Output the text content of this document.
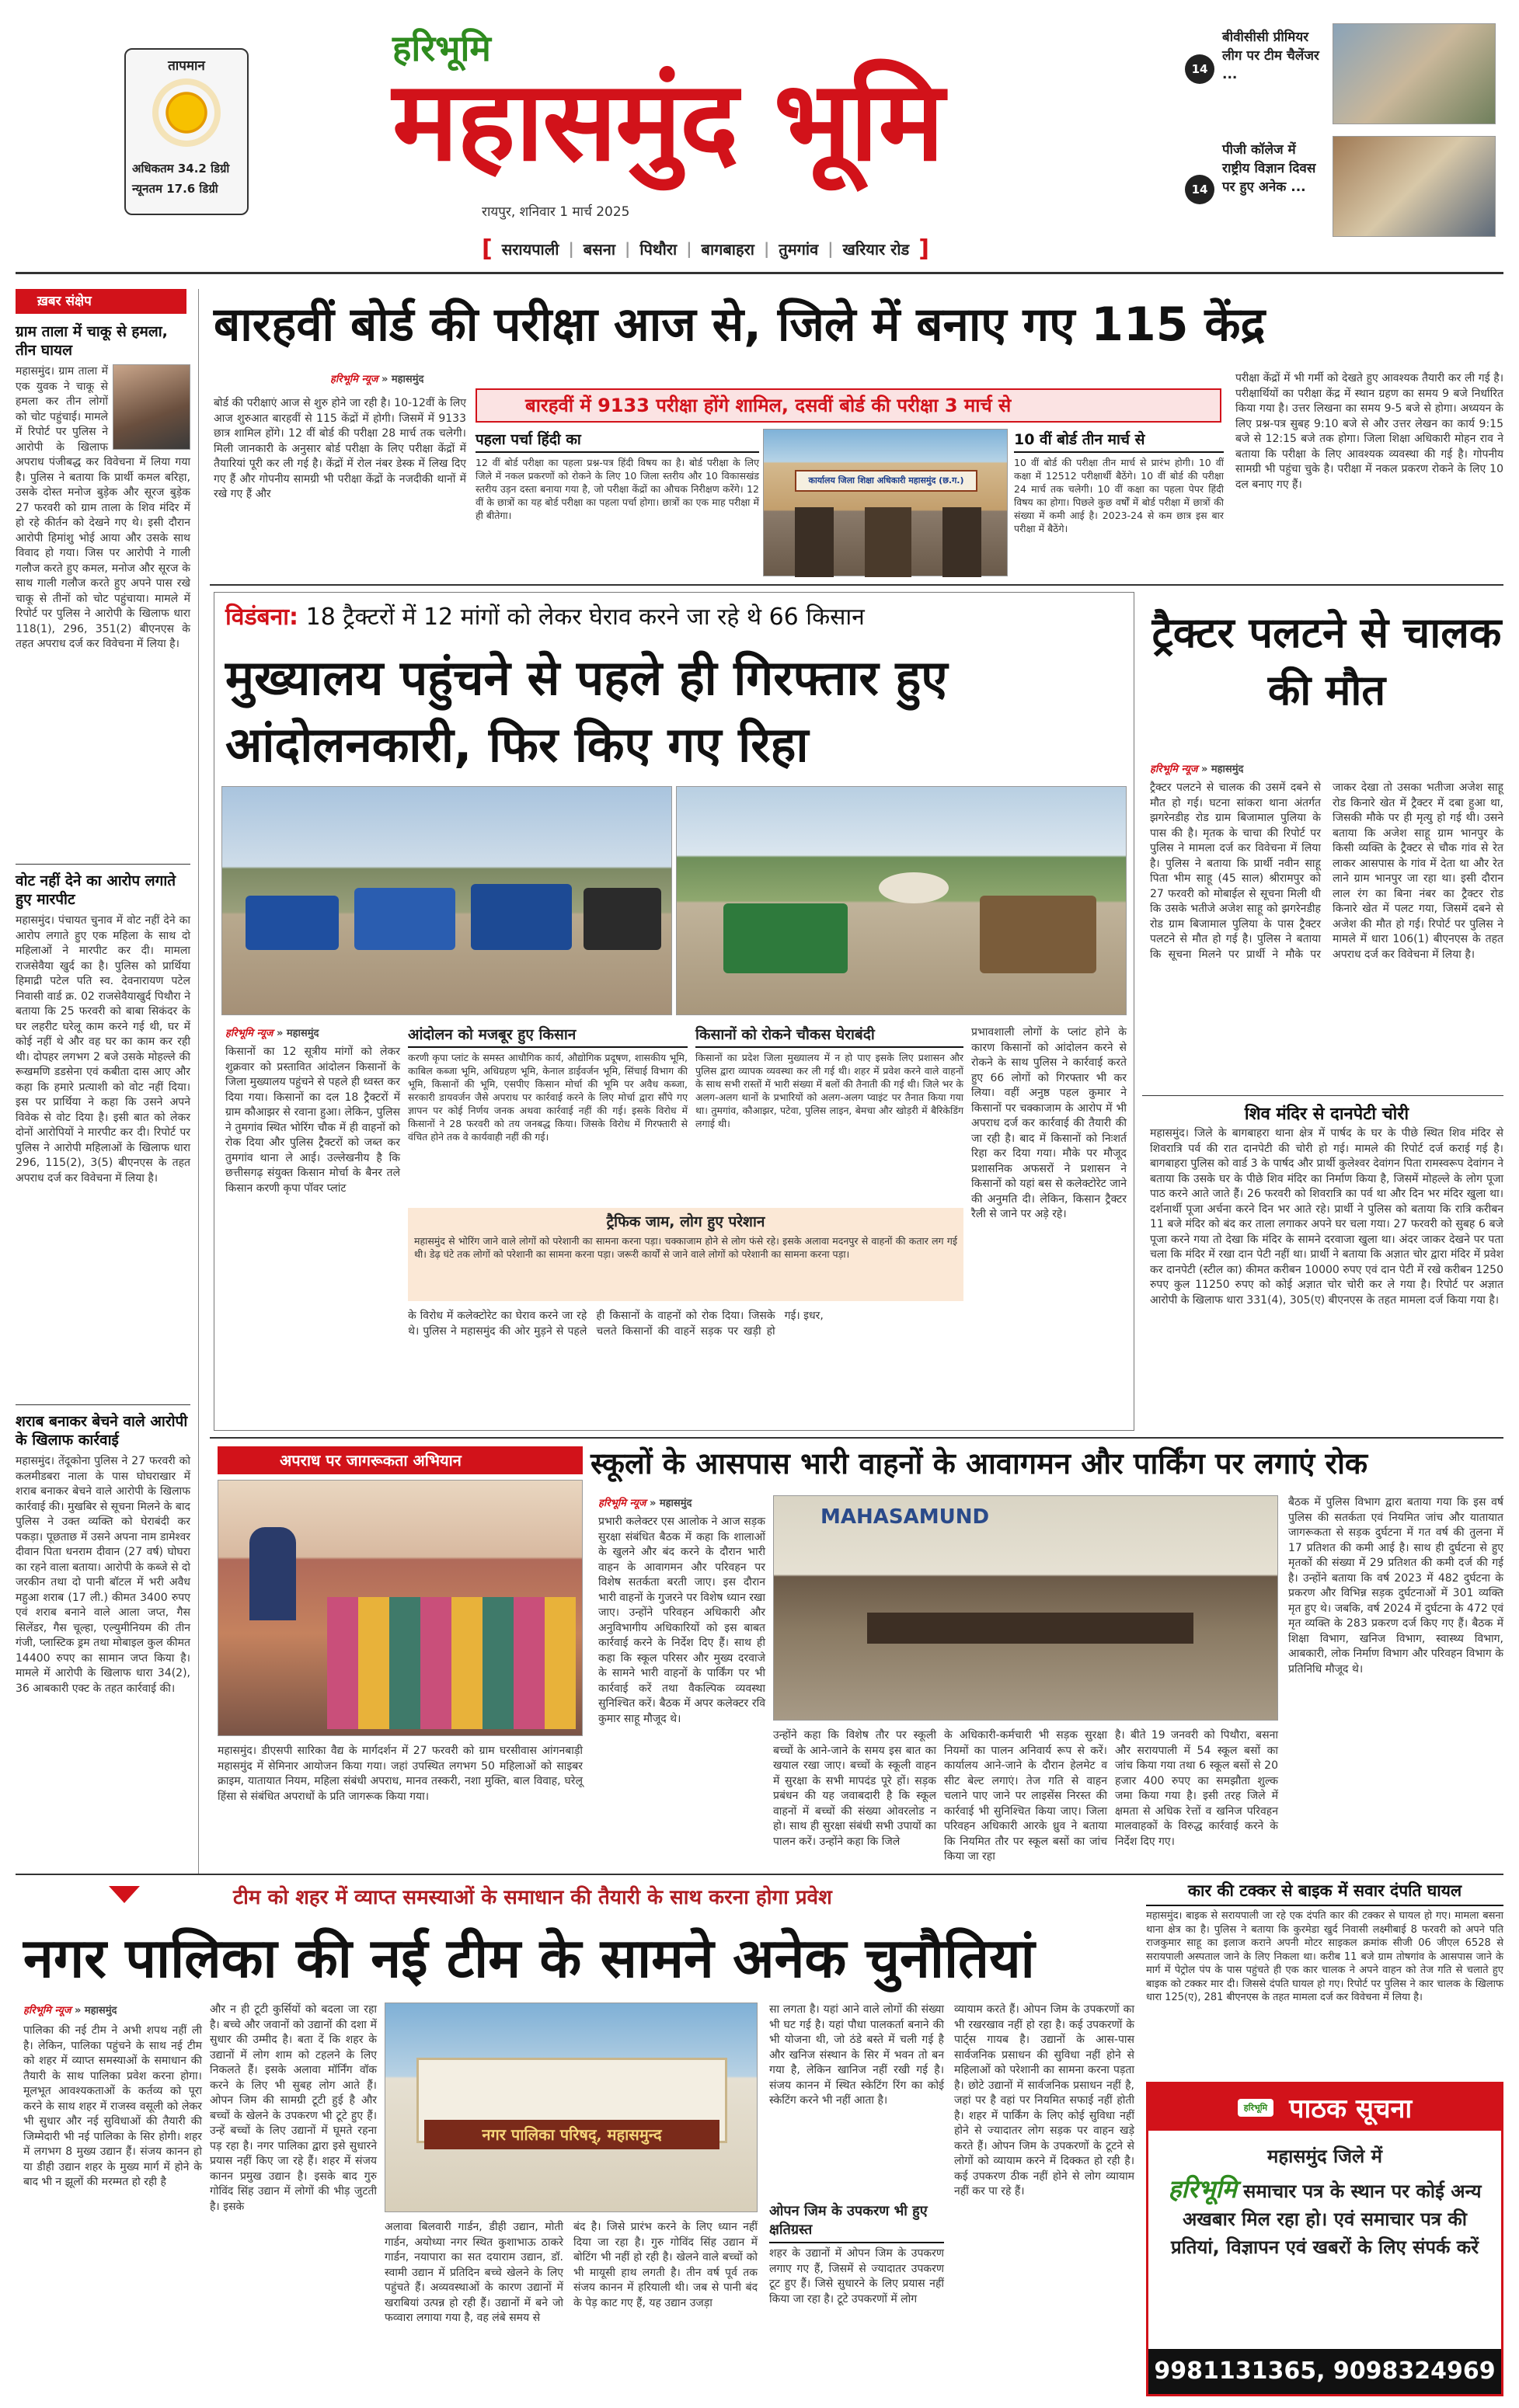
तापमान
अधिकतम 34.2 डिग्री
न्यूनतम 17.6 डिग्री
हरिभूमि
महासमुंद भूमि
रायपुर, शनिवार 1 मार्च 2025
[ सरायपाली | बसना | पिथौरा | बागबाहरा | तुमगांव | खरियार रोड ]
14
बीवीसीसी प्रीमियर लीग पर टीम चैलेंजर ...
14
पीजी कॉलेज में राष्ट्रीय विज्ञान दिवस पर हुए अनेक ...
ख़बर संक्षेप
ग्राम ताला में चाकू से हमला, तीन घायल
महासमुंद। ग्राम ताला में एक युवक ने चाकू से हमला कर तीन लोगों को चोट पहुंचाई। मामले में रिपोर्ट पर पुलिस ने आरोपी के खिलाफ अपराध पंजीबद्ध कर विवेचना में लिया गया है। पुलिस ने बताया कि प्रार्थी कमल बरिहा, उसके दोस्त मनोज बुड़ेक और सूरज बुड़ेक 27 फरवरी को ग्राम ताला के शिव मंदिर में हो रहे कीर्तन को देखने गए थे। इसी दौरान आरोपी हिमांशु भोई आया और उसके साथ विवाद हो गया। जिस पर आरोपी ने गाली गलौज करते हुए कमल, मनोज और सूरज के साथ गाली गलौज करते हुए अपने पास रखे चाकू से तीनों को चोट पहुंचाया। मामले में रिपोर्ट पर पुलिस ने आरोपी के खिलाफ धारा 118(1), 296, 351(2) बीएनएस के तहत अपराध दर्ज कर विवेचना में लिया है।
वोट नहीं देने का आरोप लगाते हुए मारपीट
महासमुंद। पंचायत चुनाव में वोट नहीं देने का आरोप लगाते हुए एक महिला के साथ दो महिलाओं ने मारपीट कर दी। मामला राजसेवैया खुर्द का है। पुलिस को प्रार्थिया हिमाद्री पटेल पति स्व. देवनारायण पटेल निवासी वार्ड क्र. 02 राजसेवैयाखुर्द पिथौरा ने बताया कि 25 फरवरी को बाबा सिकंदर के घर लहरीट घरेलू काम करने गई थी, घर में कोई नहीं थे और वह घर का काम कर रही थी। दोपहर लगभग 2 बजे उसके मोहल्ले की रूखमणि डडसेना एवं कबीता दास आए और कहा कि हमारे प्रत्याशी को वोट नहीं दिया। इस पर प्रार्थिया ने कहा कि उसने अपने विवेक से वोट दिया है। इसी बात को लेकर दोनों आरोपियों ने मारपीट कर दी। रिपोर्ट पर पुलिस ने आरोपी महिलाओं के खिलाफ धारा 296, 115(2), 3(5) बीएनएस के तहत अपराध दर्ज कर विवेचना में लिया है।
शराब बनाकर बेचने वाले आरोपी के खिलाफ कार्रवाई
महासमुंद। तेंदूकोना पुलिस ने 27 फरवरी को कलमीडबरा नाला के पास घोघराखार में शराब बनाकर बेचने वाले आरोपी के खिलाफ कार्रवाई की। मुखबिर से सूचना मिलने के बाद पुलिस ने उक्त व्यक्ति को घेराबंदी कर पकड़ा। पूछताछ में उसने अपना नाम डामेश्वर दीवान पिता धनराम दीवान (27 वर्ष) घोघरा का रहने वाला बताया। आरोपी के कब्जे से दो जरकीन तथा दो पानी बॉटल में भरी अवैध महुआ शराब (17 ली.) कीमत 3400 रुपए एवं शराब बनाने वाले आला जप्त, गैस सिलेंडर, गैस चूल्हा, एल्युमीनियम की तीन गंजी, प्लास्टिक ड्रम तथा मोबाइल कुल कीमत 14400 रुपए का सामान जप्त किया है। मामले में आरोपी के खिलाफ धारा 34(2), 36 आबकारी एक्ट के तहत कार्रवाई की।
बारहवीं बोर्ड की परीक्षा आज से, जिले में बनाए गए 115 केंद्र
हरिभूमि न्यूज » महासमुंद
बोर्ड की परीक्षाएं आज से शुरु होने जा रही है। 10-12वीं के लिए आज शुरुआत बारहवीं से 115 केंद्रों में होगी। जिसमें में 9133 छात्र शामिल होंगे। 12 वीं बोर्ड की परीक्षा 28 मार्च तक चलेगी। मिली जानकारी के अनुसार बोर्ड परीक्षा के लिए परीक्षा केंद्रों में तैयारियां पूरी कर ली गई है। केंद्रों में रोल नंबर डेस्क में लिख दिए गए हैं और गोपनीय सामग्री भी परीक्षा केंद्रों के नजदीकी थानों में रखे गए हैं और
बारहवीं में 9133 परीक्षा होंगे शामिल, दसवीं बोर्ड की परीक्षा 3 मार्च से
पहला पर्चा हिंदी का
12 वीं बोर्ड परीक्षा का पहला प्रश्न-पत्र हिंदी विषय का है। बोर्ड परीक्षा के लिए जिले में नकल प्रकरणों को रोकने के लिए 10 जिला स्तरीय और 10 विकासखंड स्तरीय उड़न दस्ता बनाया गया है, जो परीक्षा केंद्रों का औचक निरीक्षण करेंगे। 12 वीं के छात्रों का यह बोर्ड परीक्षा का पहला पर्चा होगा। छात्रों का एक माह परीक्षा में ही बीतेगा।
कार्यालय जिला शिक्षा अधिकारी महासमुंद (छ.ग.)
10 वीं बोर्ड तीन मार्च से
10 वीं बोर्ड की परीक्षा तीन मार्च से प्रारंभ होगी। 10 वीं कक्षा में 12512 परीक्षार्थी बैठेंगे। 10 वीं बोर्ड की परीक्षा 24 मार्च तक चलेगी। 10 वीं कक्षा का पहला पेपर हिंदी विषय का होगा। पिछले कुछ वर्षों में बोर्ड परीक्षा में छात्रों की संख्या में कमी आई है। 2023-24 से कम छात्र इस बार परीक्षा में बैठेंगे।
परीक्षा केंद्रों में भी गर्मी को देखते हुए आवश्यक तैयारी कर ली गई है। परीक्षार्थियों का परीक्षा केंद्र में स्थान ग्रहण का समय 9 बजे निर्धारित किया गया है। उत्तर लिखना का समय 9-5 बजे से होगा। अध्ययन के लिए प्रश्न-पत्र सुबह 9:10 बजे से और उत्तर लेखन का कार्य 9:15 बजे से 12:15 बजे तक होगा। जिला शिक्षा अधिकारी मोहन राव ने बताया कि परीक्षा के लिए आवश्यक व्यवस्था की गई है। गोपनीय सामग्री भी पहुंचा चुके है। परीक्षा में नकल प्रकरण रोकने के लिए 10 दल बनाए गए हैं।
विडंबना: 18 ट्रैक्टरों में 12 मांगों को लेकर घेराव करने जा रहे थे 66 किसान
मुख्यालय पहुंचने से पहले ही गिरफ्तार हुए आंदोलनकारी, फिर किए गए रिहा
हरिभूमि न्यूज » महासमुंद
किसानों का 12 सूत्रीय मांगों को लेकर शुक्रवार को प्रस्तावित आंदोलन किसानों के जिला मुख्यालय पहुंचने से पहले ही ध्वस्त कर दिया गया। किसानों का दल 18 ट्रैक्टरों में ग्राम कौआझर से रवाना हुआ। लेकिन, पुलिस ने तुमगांव स्थित भोरिंग चौक में ही वाहनों को रोक दिया और पुलिस ट्रैक्टरों को जब्त कर तुमगांव थाना ले आई। उल्लेखनीय है कि छत्तीसगढ़ संयुक्त किसान मोर्चा के बैनर तले किसान करणी कृपा पॉवर प्लांट
आंदोलन को मजबूर हुए किसान
करणी कृपा प्लांट के समस्त आधौगिक कार्य, औद्योगिक प्रदूषण, शासकीय भूमि, काबिल कब्जा भूमि, अधिग्रहण भूमि, केनाल डाईवर्जन भूमि, सिंचाई विभाग की भूमि, किसानों की भूमि, एसपीए किसान मोर्चा की भूमि पर अवैध कब्जा, सरकारी डायवर्जन जैसे अपराध पर कार्रवाई करने के लिए मोर्चा द्वारा सौंपे गए ज्ञापन पर कोई निर्णय जनक अथवा कार्रवाई नहीं की गई। इसके विरोध में किसानों ने 28 फरवरी को तय जनबद्ध किया। जिसके विरोध में गिरफ्तारी से वंचित होने तक वे कार्यवाही नहीं की गई।
किसानों को रोकने चौकस घेराबंदी
किसानों का प्रदेश जिला मुख्यालय में न हो पाए इसके लिए प्रशासन और पुलिस द्वारा व्यापक व्यवस्था कर ली गई थी। शहर में प्रवेश करने वाले वाहनों के साथ सभी रास्तों में भारी संख्या में बलों की तैनाती की गई थी। जिले भर के अलग-अलग थानों के प्रभारियों को अलग-अलग प्वाइंट पर तैनात किया गया था। तुमगांव, कौआझर, पटेवा, पुलिस लाइन, बेमचा और खोड़री में बैरिकेडिंग लगाई थी।
ट्रैफिक जाम, लोग हुए परेशान
महासमुंद से भोरिंग जाने वाले लोगों को परेशानी का सामना करना पड़ा। चक्काजाम होने से लोग फंसे रहे। इसके अलावा मदनपुर से वाहनों की कतार लग गई थी। डेढ़ घंटे तक लोगों को परेशानी का सामना करना पड़ा। जरूरी कार्यों से जाने वाले लोगों को परेशानी का सामना करना पड़ा।
के विरोध में कलेक्टोरेट का घेराव करने जा रहे थे। पुलिस ने महासमुंद की ओर मुड़ने से पहले ही किसानों के वाहनों को रोक दिया। जिसके चलते किसानों की वाहनें सड़क पर खड़ी हो गई। इधर,
प्रभावशाली लोगों के प्लांट होने के कारण किसानों को आंदोलन करने से रोकने के साथ पुलिस ने कार्रवाई करते हुए 66 लोगों को गिरफ्तार भी कर लिया। वहीं अनुष्ठ पहल कुमार ने किसानों पर चक्काजाम के आरोप में भी अपराध दर्ज कर कार्रवाई की तैयारी की जा रही है। बाद में किसानों को निःशर्त रिहा कर दिया गया। मौके पर मौजूद प्रशासनिक अफसरों ने प्रशासन ने किसानों को यहां बस से कलेक्टोरेट जाने की अनुमति दी। लेकिन, किसान ट्रैक्टर रैली से जाने पर अड़े रहे।
ट्रैक्टर पलटने से चालक की मौत
हरिभूमि न्यूज » महासमुंद
ट्रैक्टर पलटने से चालक की उसमें दबने से मौत हो गई। घटना सांकरा थाना अंतर्गत झगरेनडीह रोड ग्राम बिजामाल पुलिया के पास की है। मृतक के चाचा की रिपोर्ट पर पुलिस ने मामला दर्ज कर विवेचना में लिया है। पुलिस ने बताया कि प्रार्थी नवीन साहू पिता भीम साहू (45 साल) श्रीरामपुर को 27 फरवरी को मोबाईल से सूचना मिली थी कि उसके भतीजे अजेश साहू को झगरेनडीह रोड ग्राम बिजामाल पुलिया के पास ट्रैक्टर पलटने से मौत हो गई है। पुलिस ने बताया कि सूचना मिलने पर प्रार्थी ने मौके पर जाकर देखा तो उसका भतीजा अजेश साहू रोड किनारे खेत में ट्रैक्टर में दबा हुआ था, जिसकी मौके पर ही मृत्यु हो गई थी। उसने बताया कि अजेश साहू ग्राम भानपुर के किसी व्यक्ति के ट्रैक्टर से चौक गांव से रेत लाकर आसपास के गांव में देता था और रेत लाने ग्राम भानपुर जा रहा था। इसी दौरान लाल रंग का बिना नंबर का ट्रैक्टर रोड किनारे खेत में पलट गया, जिसमें दबने से अजेश की मौत हो गई। रिपोर्ट पर पुलिस ने मामले में धारा 106(1) बीएनएस के तहत अपराध दर्ज कर विवेचना में लिया है।
शिव मंदिर से दानपेटी चोरी
महासमुंद। जिले के बागबाहरा थाना क्षेत्र में पार्षद के घर के पीछे स्थित शिव मंदिर से शिवरात्रि पर्व की रात दानपेटी की चोरी हो गई। मामले की रिपोर्ट दर्ज कराई गई है। बागबाहरा पुलिस को वार्ड 3 के पार्षद और प्रार्थी कुलेश्वर देवांगन पिता रामस्वरूप देवांगन ने बताया कि उसके घर के पीछे शिव मंदिर का निर्माण किया है, जिसमें मोहल्ले के लोग पूजा पाठ करने आते जाते हैं। 26 फरवरी को शिवरात्रि का पर्व था और दिन भर मंदिर खुला था। दर्शनार्थी पूजा अर्चना करने दिन भर आते रहे। प्रार्थी ने पुलिस को बताया कि रात्रि करीबन 11 बजे मंदिर को बंद कर ताला लगाकर अपने घर चला गया। 27 फरवरी को सुबह 6 बजे पूजा करने गया तो देखा कि मंदिर के सामने दरवाजा खुला था। अंदर जाकर देखने पर पता चला कि मंदिर में रखा दान पेटी नहीं था। प्रार्थी ने बताया कि अज्ञात चोर द्वारा मंदिर में प्रवेश कर दानपेटी (स्टील का) कीमत करीबन 10000 रुपए एवं दान पेटी में रखे करीबन 1250 रुपए कुल 11250 रुपए को कोई अज्ञात चोर चोरी कर ले गया है। रिपोर्ट पर अज्ञात आरोपी के खिलाफ धारा 331(4), 305(ए) बीएनएस के तहत मामला दर्ज किया गया है।
अपराध पर जागरूकता अभियान
महासमुंद। डीएसपी सारिका वैद्य के मार्गदर्शन में 27 फरवरी को ग्राम घरसीवास आंगनबाड़ी महासमुंद में सेमिनार आयोजन किया गया। जहां उपस्थित लगभग 50 महिलाओं को साइबर क्राइम, यातायात नियम, महिला संबंधी अपराध, मानव तस्करी, नशा मुक्ति, बाल विवाह, घरेलू हिंसा से संबंधित अपराधों के प्रति जागरूक किया गया।
स्कूलों के आसपास भारी वाहनों के आवागमन और पार्किंग पर लगाएं रोक
हरिभूमि न्यूज » महासमुंद
प्रभारी कलेक्टर एस आलोक ने आज सड़क सुरक्षा संबंधित बैठक में कहा कि शालाओं के खुलने और बंद करने के दौरान भारी वाहन के आवागमन और परिवहन पर विशेष सतर्कता बरती जाए। इस दौरान भारी वाहनों के गुजरने पर विशेष ध्यान रखा जाए। उन्होंने परिवहन अधिकारी और अनुविभागीय अधिकारियों को इस बाबत कार्रवाई करने के निर्देश दिए हैं। साथ ही कहा कि स्कूल परिसर और मुख्य दरवाजे के सामने भारी वाहनों के पार्किंग पर भी कार्रवाई करें तथा वैकल्पिक व्यवस्था सुनिश्चित करें। बैठक में अपर कलेक्टर रवि कुमार साहू मौजूद थे।
MAHASAMUND
उन्होंने कहा कि विशेष तौर पर स्कूली बच्चों के आने-जाने के समय इस बात का खयाल रखा जाए। बच्चों के स्कूली वाहन में सुरक्षा के सभी मापदंड पूरे हों। सड़क प्रबंधन की यह जवाबदारी है कि स्कूल वाहनों में बच्चों की संख्या ओवरलोड न हो। साथ ही सुरक्षा संबंधी सभी उपायों का पालन करें। उन्होंने कहा कि जिले
के अधिकारी-कर्मचारी भी सड़क सुरक्षा नियमों का पालन अनिवार्य रूप से करें। कार्यालय आने-जाने के दौरान हेलमेट व सीट बेल्ट लगाएं। तेज गति से वाहन चलाने पाए जाने पर लाइसेंस निरस्त की कार्रवाई भी सुनिश्चित किया जाए। जिला परिवहन अधिकारी आरके ध्रुव ने बताया कि नियमित तौर पर स्कूल बसों का जांच किया जा रहा
है। बीते 19 जनवरी को पिथौरा, बसना और सरायपाली में 54 स्कूल बसों का जांच किया गया तथा 6 स्कूल बसों से 20 हजार 400 रुपए का समझौता शुल्क जमा किया गया है। इसी तरह जिले में क्षमता से अधिक रेत्तों व खनिज परिवहन मालवाहकों के विरुद्ध कार्रवाई करने के निर्देश दिए गए।
बैठक में पुलिस विभाग द्वारा बताया गया कि इस वर्ष पुलिस की सतर्कता एवं नियमित जांच और यातायात जागरूकता से सड़क दुर्घटना में गत वर्ष की तुलना में 17 प्रतिशत की कमी आई है। साथ ही दुर्घटना से हुए मृतकों की संख्या में 29 प्रतिशत की कमी दर्ज की गई है। उन्होंने बताया कि वर्ष 2023 में 482 दुर्घटना के प्रकरण और विभिन्न सड़क दुर्घटनाओं में 301 व्यक्ति मृत हुए थे। जबकि, वर्ष 2024 में दुर्घटना के 472 एवं मृत व्यक्ति के 283 प्रकरण दर्ज किए गए हैं। बैठक में शिक्षा विभाग, खनिज विभाग, स्वास्थ्य विभाग, आबकारी, लोक निर्माण विभाग और परिवहन विभाग के प्रतिनिधि मौजूद थे।
टीम को शहर में व्याप्त समस्याओं के समाधान की तैयारी के साथ करना होगा प्रवेश
नगर पालिका की नई टीम के सामने अनेक चुनौतियां
हरिभूमि न्यूज » महासमुंद
पालिका की नई टीम ने अभी शपथ नहीं ली है। लेकिन, पालिका पहुंचने के साथ नई टीम को शहर में व्याप्त समस्याओं के समाधान की तैयारी के साथ पालिका प्रवेश करना होगा। मूलभूत आवश्यकताओं के कर्तव्य को पूरा करने के साथ शहर में राजस्व वसूली को लेकर भी सुधार और नई सुविधाओं की तैयारी की जिम्मेदारी भी नई पालिका के सिर होगी। शहर में लगभग 8 मुख्य उद्यान हैं। संजय कानन हो या डीही उद्यान शहर के मुख्य मार्ग में होने के बाद भी न झूलों की मरम्मत हो रही है
और न ही टूटी कुर्सियों को बदला जा रहा है। बच्चे और जवानों को उद्यानों की दशा में सुधार की उम्मीद है। बता दें कि शहर के उद्यानों में लोग शाम को टहलने के लिए निकलते हैं। इसके अलावा मॉर्निंग वॉक करने के लिए भी सुबह लोग आते हैं। ओपन जिम की सामग्री टूटी हुई है और बच्चों के खेलने के उपकरण भी टूटे हुए हैं। उन्हें बच्चों के लिए उद्यानों में घूमते रहना पड़ रहा है। नगर पालिका द्वारा इसे सुधारने प्रयास नहीं किए जा रहे हैं। शहर में संजय कानन प्रमुख उद्यान है। इसके बाद गुरु गोविंद सिंह उद्यान में लोगों की भीड़ जुटती है। इसके
नगर पालिका परिषद्, महासमुन्द
अलावा बिलवारी गार्डन, डीही उद्यान, मोती गार्डन, अयोध्या नगर स्थित कुशाभाऊ ठाकरे गार्डन, नयापारा का सत दयाराम उद्यान, डॉ. स्वामी उद्यान में प्रतिदिन बच्चे खेलने के लिए पहुंचते हैं। अव्यवस्थाओं के कारण उद्यानों में खराबियां उत्पन्न हो रही हैं। उद्यानों में बने जो फव्वारा लगाया गया है, वह लंबे समय से
बंद है। जिसे प्रारंभ करने के लिए ध्यान नहीं दिया जा रहा है। गुरु गोविंद सिंह उद्यान में बोटिंग भी नहीं हो रही है। खेलने वाले बच्चों को भी मायूसी हाथ लगती है। तीन वर्ष पूर्व तक संजय कानन में हरियाली थी। जब से पानी बंद के पेड़ काट गए हैं, यह उद्यान उजड़ा
सा लगता है। यहां आने वाले लोगों की संख्या भी घट गई है। यहां पौधा पालकर्ता बनाने की भी योजना थी, जो ठंडे बस्ते में चली गई है और खनिज संस्थान के सिर में भवन तो बन गया है, लेकिन खानिज नहीं रखी गई है। संजय कानन में स्थित स्केटिंग रिंग का कोई स्केटिंग करने भी नहीं आता है।
ओपन जिम के उपकरण भी हुए क्षतिग्रस्त
शहर के उद्यानों में ओपन जिम के उपकरण लगाए गए हैं, जिसमें से ज्यादातर उपकरण टूट हुए हैं। जिसे सुधारने के लिए प्रयास नहीं किया जा रहा है। टूटे उपकरणों में लोग
व्यायाम करते हैं। ओपन जिम के उपकरणों का भी रखरखाव नहीं हो रहा है। कई उपकरणों के पार्ट्स गायब है। उद्यानों के आस-पास सार्वजनिक प्रसाधन की सुविधा नहीं होने से महिलाओं को परेशानी का सामना करना पड़ता है। छोटे उद्यानों में सार्वजनिक प्रसाधन नहीं है, जहां पर है वहां पर नियमित सफाई नहीं होती है। शहर में पार्किंग के लिए कोई सुविधा नहीं होने से ज्यादातर लोग सड़क पर वाहन खड़े करते हैं। ओपन जिम के उपकरणों के टूटने से लोगों को व्यायाम करने में दिक्कत हो रही है। कई उपकरण ठीक नहीं होने से लोग व्यायाम नहीं कर पा रहे हैं।
कार की टक्कर से बाइक में सवार दंपति घायल
महासमुंद। बाइक से सरायपाली जा रहे एक दंपति कार की टक्कर से घायल हो गए। मामला बसना थाना क्षेत्र का है। पुलिस ने बताया कि कुरमेडा खुर्द निवासी लक्ष्मीबाई 8 फरवरी को अपने पति राजकुमार साहू का इलाज कराने अपनी मोटर साइकल क्रमांक सीजी 06 जीएल 6528 से सरायपाली अस्पताल जाने के लिए निकला था। करीब 11 बजे ग्राम तोषगांव के आसपास जाने के मार्ग में पेट्रोल पंप के पास पहुंचते ही एक कार चालक ने अपने वाहन को तेज गति से चलाते हुए बाइक को टक्कर मार दी। जिससे दंपति घायल हो गए। रिपोर्ट पर पुलिस ने कार चालक के खिलाफ धारा 125(ए), 281 बीएनएस के तहत मामला दर्ज कर विवेचना में लिया है।
हरिभूमि पाठक सूचना
महासमुंद जिले में
हरिभूमि समाचार पत्र के स्थान पर कोई अन्य अखबार मिल रहा हो। एवं समाचार पत्र की प्रतियां, विज्ञापन एवं खबरों के लिए संपर्क करें
9981131365, 9098324969
